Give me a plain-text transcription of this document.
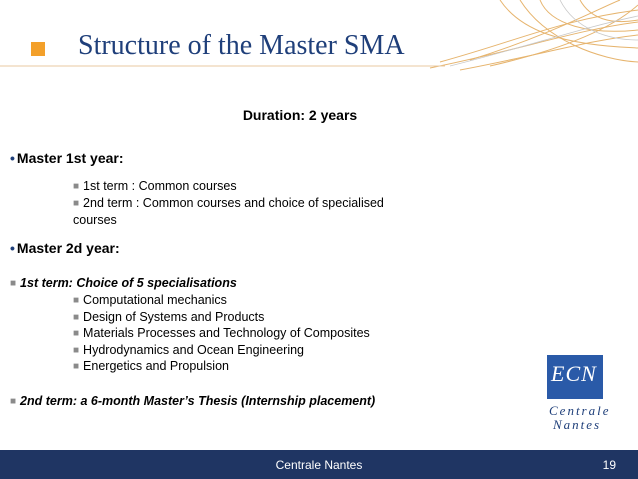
Structure of the Master SMA
Duration: 2 years
• Master 1st year:
■ 1st term : Common courses
■ 2nd term : Common courses and choice of specialised
courses
• Master 2d year:
■ 1st term: Choice of 5 specialisations
■ Computational mechanics
■ Design of Systems and Products
■ Materials Processes and Technology of Composites
■ Hydrodynamics and Ocean Engineering
■ Energetics and Propulsion
■ 2nd term: a 6-month Master’s Thesis (Internship placement)
ECN
Centrale
Nantes
Centrale Nantes	19
